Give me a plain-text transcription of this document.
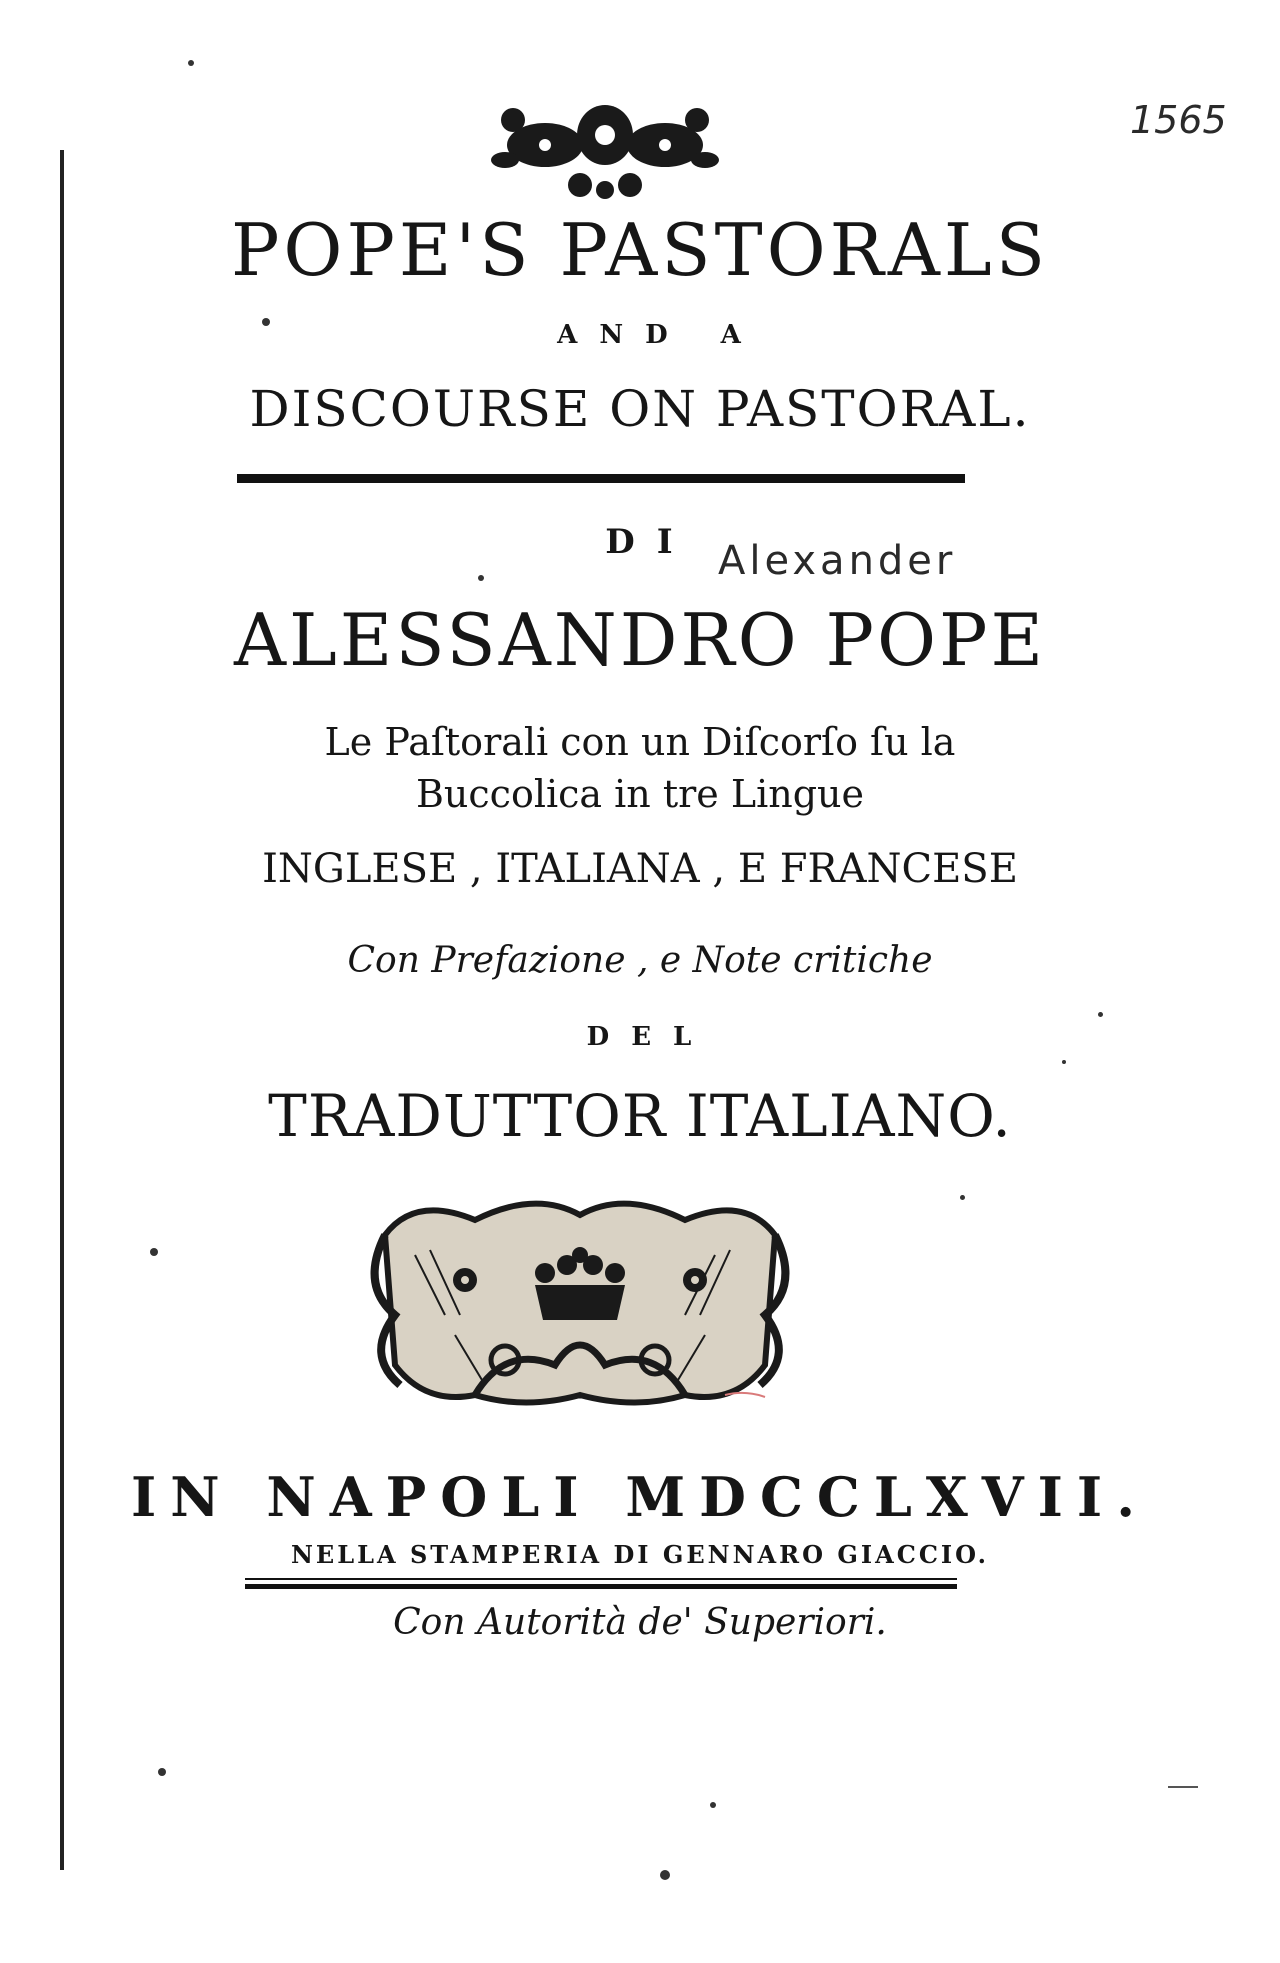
1565
POPE'S PASTORALS
AND A
DISCOURSE ON PASTORAL.
DI Alexander
ALESSANDRO POPE
Le Paſtorali con un Diſcorſo ſu la
Buccolica in tre Lingue
INGLESE , ITALIANA , E FRANCESE
Con Prefazione , e Note critiche
DEL
TRADUTTOR ITALIANO.
IN NAPOLI MDCCLXVII.
NELLA STAMPERIA DI GENNARO GIACCIO.
Con Autorità de' Superiori.
